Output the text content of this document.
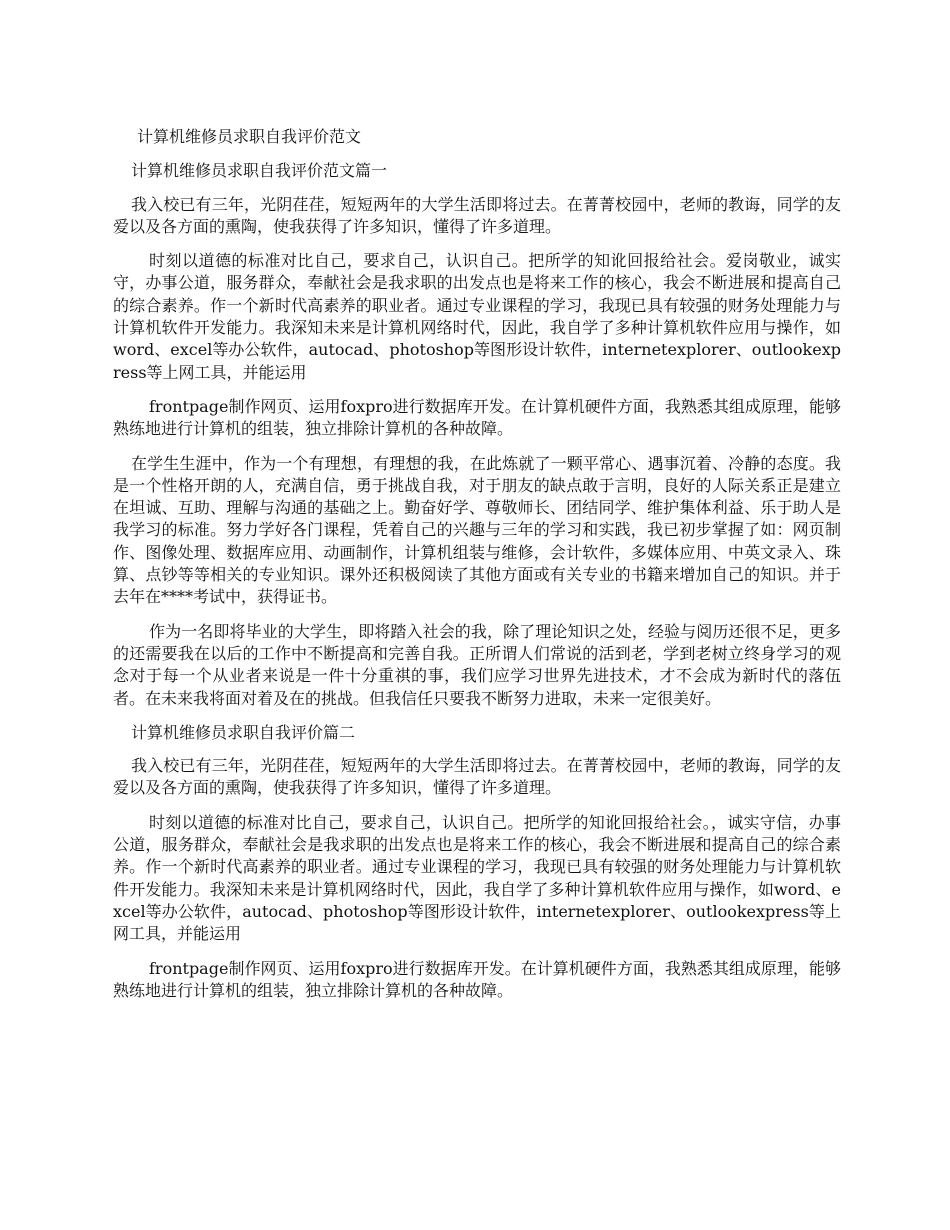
计算机维修员求职自我评价范文
计算机维修员求职自我评价范文篇一

我入校已有三年，光阴荏荏，短短两年的大学生活即将过去。在菁菁校园中，老师的教诲，同学的友爱以及各方面的熏陶，使我获得了许多知识，懂得了许多道理。

时刻以道德的标准对比自己，要求自己，认识自己。把所学的知讹回报给社会。爱岗敬业，诚实守，办事公道，服务群众，奉献社会是我求职的出发点也是将来工作的核心，我会不断进展和提高自己的综合素养。作一个新时代高素养的职业者。通过专业课程的学习，我现已具有较强的财务处理能力与计算机软件开发能力。我深知未来是计算机网络时代，因此，我自学了多种计算机软件应用与操作，如word、excel等办公软件，autocad、photoshop等图形设计软件，internetexplorer、outlookexpress等上网工具，并能运用

frontpage制作网页、运用foxpro进行数据库开发。在计算机硬件方面，我熟悉其组成原理，能够熟练地进行计算机的组装，独立排除计算机的各种故障。

在学生生涯中，作为一个有理想，有理想的我，在此炼就了一颗平常心、遇事沉着、冷静的态度。我是一个性格开朗的人，充满自信，勇于挑战自我，对于朋友的缺点敢于言明，良好的人际关系正是建立在坦诚、互助、理解与沟通的基础之上。勤奋好学、尊敬师长、团结同学、维护集体利益、乐于助人是我学习的标准。努力学好各门课程，凭着自己的兴趣与三年的学习和实践，我已初步掌握了如：网页制作、图像处理、数据库应用、动画制作，计算机组装与维修，会计软件，多媒体应用、中英文录入、珠算、点钞等等相关的专业知识。课外还积极阅读了其他方面或有关专业的书籍来增加自己的知识。并于去年在****考试中，获得证书。

作为一名即将毕业的大学生，即将踏入社会的我，除了理论知识之处，经验与阅历还很不足，更多的还需要我在以后的工作中不断提高和完善自我。正所谓人们常说的活到老，学到老树立终身学习的观念对于每一个从业者来说是一件十分重祺的事，我们应学习世界先进技术，才不会成为新时代的落伍者。在未来我将面对着及在的挑战。但我信任只要我不断努力进取，未来一定很美好。

计算机维修员求职自我评价篇二

我入校已有三年，光阴荏荏，短短两年的大学生活即将过去。在菁菁校园中，老师的教诲，同学的友爱以及各方面的熏陶，使我获得了许多知识，懂得了许多道理。

时刻以道德的标准对比自己，要求自己，认识自己。把所学的知讹回报给社会。，诚实守信，办事公道，服务群众，奉献社会是我求职的出发点也是将来工作的核心，我会不断进展和提高自己的综合素养。作一个新时代高素养的职业者。通过专业课程的学习，我现已具有较强的财务处理能力与计算机软件开发能力。我深知未来是计算机网络时代，因此，我自学了多种计算机软件应用与操作，如word、excel等办公软件，autocad、photoshop等图形设计软件，internetexplorer、outlookexpress等上网工具，并能运用

frontpage制作网页、运用foxpro进行数据库开发。在计算机硬件方面，我熟悉其组成原理，能够熟练地进行计算机的组装，独立排除计算机的各种故障。
